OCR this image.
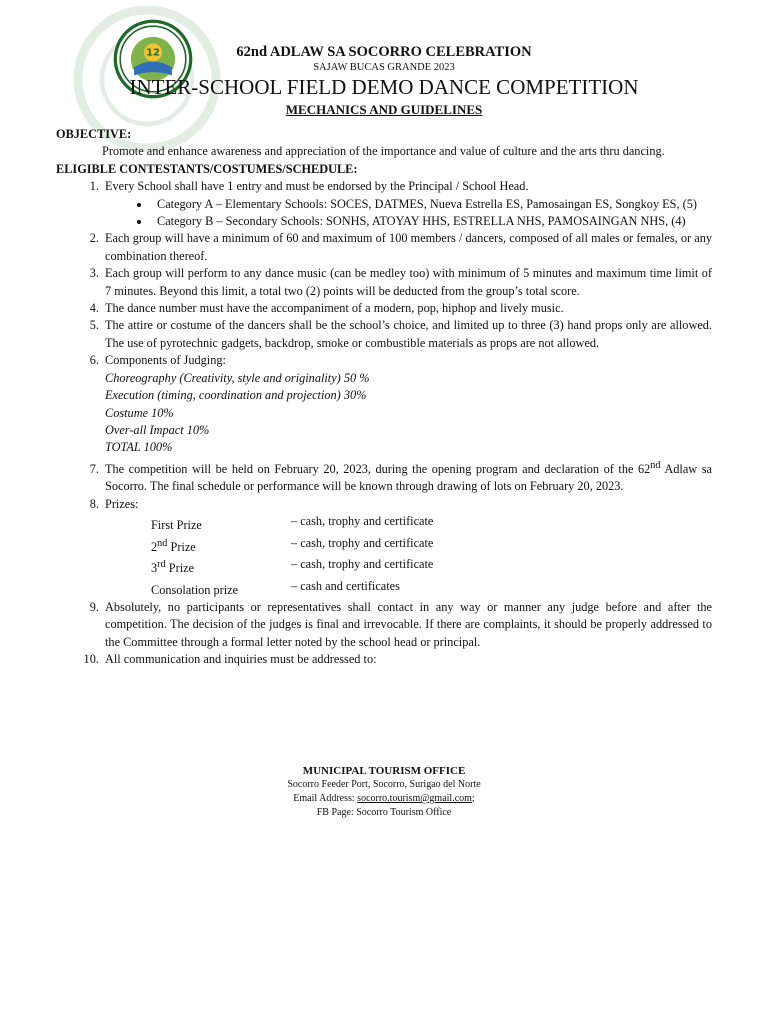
12	62nd ADLAW SA SOCORRO CELEBRATION
SAJAW BUCAS GRANDE 2023
INTER-SCHOOL FIELD DEMO DANCE COMPETITION
MECHANICS AND GUIDELINES
OBJECTIVE:
Promote and enhance awareness and appreciation of the importance and value of culture and the arts thru dancing.
ELIGIBLE CONTESTANTS/COSTUMES/SCHEDULE:
1. Every School shall have 1 entry and must be endorsed by the Principal / School Head.
• Category A – Elementary Schools: SOCES, DATMES, Nueva Estrella ES, Pamosaingan ES, Songkoy ES, (5)
• Category B – Secondary Schools: SONHS, ATOYAY HHS, ESTRELLA NHS, PAMOSAINGAN NHS, (4)
2. Each group will have a minimum of 60 and maximum of 100 members / dancers, composed of all males or females, or any combination thereof.
3. Each group will perform to any dance music (can be medley too) with minimum of 5 minutes and maximum time limit of 7 minutes. Beyond this limit, a total two (2) points will be deducted from the group’s total score.
4. The dance number must have the accompaniment of a modern, pop, hiphop and lively music.
5. The attire or costume of the dancers shall be the school’s choice, and limited up to three (3) hand props only are allowed. The use of pyrotechnic gadgets, backdrop, smoke or combustible materials as props are not allowed.
6. Components of Judging:
Choreography (Creativity, style and originality) 50 %
Execution (timing, coordination and projection) 30%
Costume 10%
Over-all Impact 10%
TOTAL 100%
7. The competition will be held on February 20, 2023, during the opening program and declaration of the 62nd Adlaw sa Socorro. The final schedule or performance will be known through drawing of lots on February 20, 2023.
8. Prizes:
First Prize	– cash, trophy and certificate
2nd Prize	– cash, trophy and certificate
3rd Prize	– cash, trophy and certificate
Consolation prize	– cash and certificates
9. Absolutely, no participants or representatives shall contact in any way or manner any judge before and after the competition. The decision of the judges is final and irrevocable. If there are complaints, it should be properly addressed to the Committee through a formal letter noted by the school head or principal.
10. All communication and inquiries must be addressed to:
MUNICIPAL TOURISM OFFICE
Socorro Feeder Port, Socorro, Surigao del Norte
Email Address: socorro.tourism@gmail.com;
FB Page: Socorro Tourism Office
